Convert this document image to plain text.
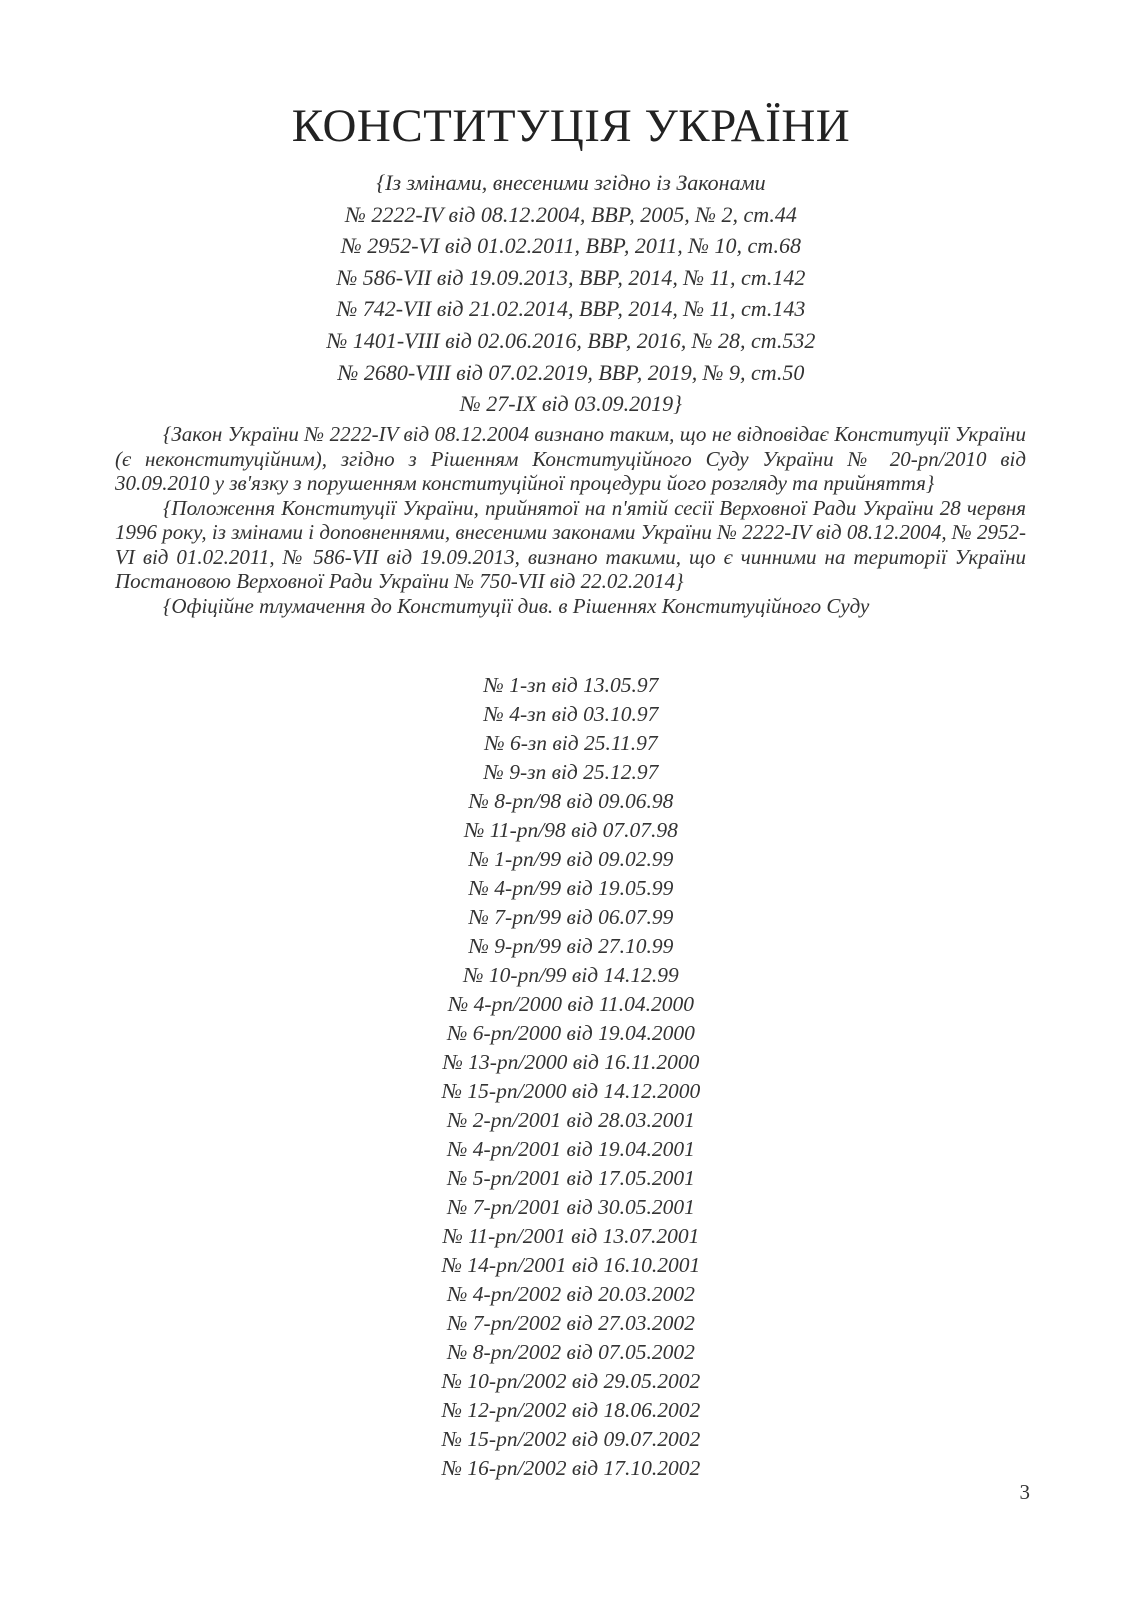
КОНСТИТУЦІЯ УКРАЇНИ
{Із змінами, внесеними згідно із Законами
№ 2222-IV від 08.12.2004, ВВР, 2005, № 2, ст.44
№ 2952-VI від 01.02.2011, ВВР, 2011, № 10, ст.68
№ 586-VII від 19.09.2013, ВВР, 2014, № 11, ст.142
№ 742-VII від 21.02.2014, ВВР, 2014, № 11, ст.143
№ 1401-VIII від 02.06.2016, ВВР, 2016, № 28, ст.532
№ 2680-VIII від 07.02.2019, ВВР, 2019, № 9, ст.50
№ 27-IX від 03.09.2019}

{Закон України № 2222-IV від 08.12.2004 визнано таким, що не відповідає Конституції України (є неконституційним), згідно з Рішенням Конституційного Суду України № 20-рп/2010 від 30.09.2010 у зв'язку з порушенням конституційної процедури його розгляду та прийняття}

{Положення Конституції України, прийнятої на п'ятій сесії Верховної Ради України 28 червня 1996 року, із змінами і доповненнями, внесеними законами України № 2222-IV від 08.12.2004, № 2952-VI від 01.02.2011, № 586-VII від 19.09.2013, визнано такими, що є чинними на території України Постановою Верховної Ради України № 750-VII від 22.02.2014}

{Офіційне тлумачення до Конституції див. в Рішеннях Конституційного Суду

№ 1-зп від 13.05.97
№ 4-зп від 03.10.97
№ 6-зп від 25.11.97
№ 9-зп від 25.12.97
№ 8-рп/98 від 09.06.98
№ 11-рп/98 від 07.07.98
№ 1-рп/99 від 09.02.99
№ 4-рп/99 від 19.05.99
№ 7-рп/99 від 06.07.99
№ 9-рп/99 від 27.10.99
№ 10-рп/99 від 14.12.99
№ 4-рп/2000 від 11.04.2000
№ 6-рп/2000 від 19.04.2000
№ 13-рп/2000 від 16.11.2000
№ 15-рп/2000 від 14.12.2000
№ 2-рп/2001 від 28.03.2001
№ 4-рп/2001 від 19.04.2001
№ 5-рп/2001 від 17.05.2001
№ 7-рп/2001 від 30.05.2001
№ 11-рп/2001 від 13.07.2001
№ 14-рп/2001 від 16.10.2001
№ 4-рп/2002 від 20.03.2002
№ 7-рп/2002 від 27.03.2002
№ 8-рп/2002 від 07.05.2002
№ 10-рп/2002 від 29.05.2002
№ 12-рп/2002 від 18.06.2002
№ 15-рп/2002 від 09.07.2002
№ 16-рп/2002 від 17.10.2002
3
